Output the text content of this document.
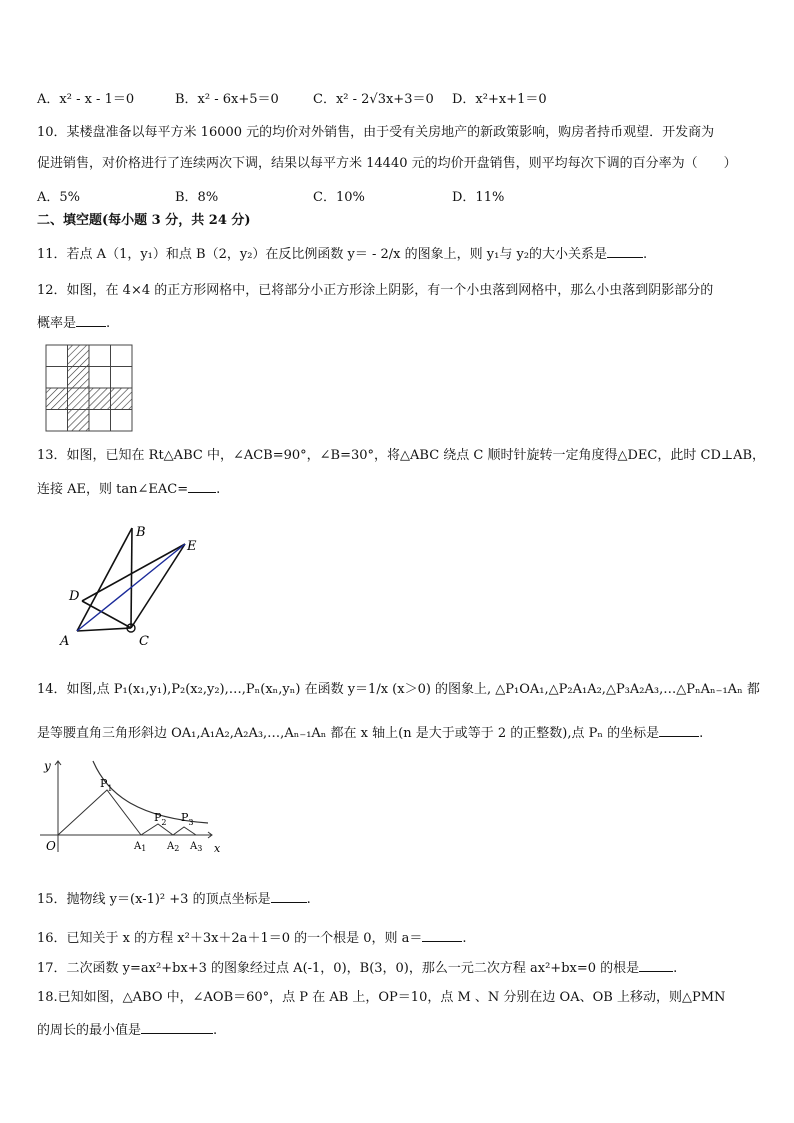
A．x² - x - 1＝0	B．x² - 6x+5＝0	C．x² - 2√3x+3＝0 D．x²+x+1＝0
10．某楼盘准备以每平方米 16000 元的均价对外销售，由于受有关房地产的新政策影响，购房者持币观望．开发商为
促进销售，对价格进行了连续两次下调，结果以每平方米 14440 元的均价开盘销售，则平均每次下调的百分率为（　　）
A．5%	B．8%	C．10%	D．11%
二、填空题(每小题 3 分，共 24 分)
11．若点 A（1，y₁）和点 B（2，y₂）在反比例函数 y＝ - 2/x 的图象上，则 y₁与 y₂的大小关系是	.
12．如图，在 4×4 的正方形网格中，已将部分小正方形涂上阴影，有一个小虫落到网格中，那么小虫落到阴影部分的
概率是 .
13．如图，已知在 Rt△ABC 中，∠ACB=90°，∠B=30°，将△ABC 绕点 C 顺时针旋转一定角度得△DEC，此时 CD⊥AB，
连接 AE，则 tan∠EAC= .
B
E
D
A	C
14．如图,点 P₁(x₁,y₁),P₂(x₂,y₂),…,Pₙ(xₙ,yₙ) 在函数 y＝1/x (x＞0) 的图象上, △P₁OA₁,△P₂A₁A₂,△P₃A₂A₃,…△PₙAₙ₋₁Aₙ 都
是等腰直角三角形斜边 OA₁,A₁A₂,A₂A₃,…,Aₙ₋₁Aₙ 都在 x 轴上(n 是大于或等于 2 的正整数),点 Pₙ 的坐标是	.
y
x
O
$P_1$
$P_2$ $P_3$
$A_1$ $A_2$ $A_3$
15．抛物线 y＝(x-1)² +3 的顶点坐标是	.
16．已知关于 x 的方程 x²＋3x＋2a＋1＝0 的一个根是 0，则 a＝	.
17．二次函数 y=ax²+bx+3 的图象经过点 A(-1，0)，B(3，0)，那么一元二次方程 ax²+bx=0 的根是	.
18.已知如图，△ABO 中，∠AOB＝60°，点 P 在 AB 上，OP＝10，点 M 、N 分别在边 OA、OB 上移动，则△PMN
的周长的最小值是	.
